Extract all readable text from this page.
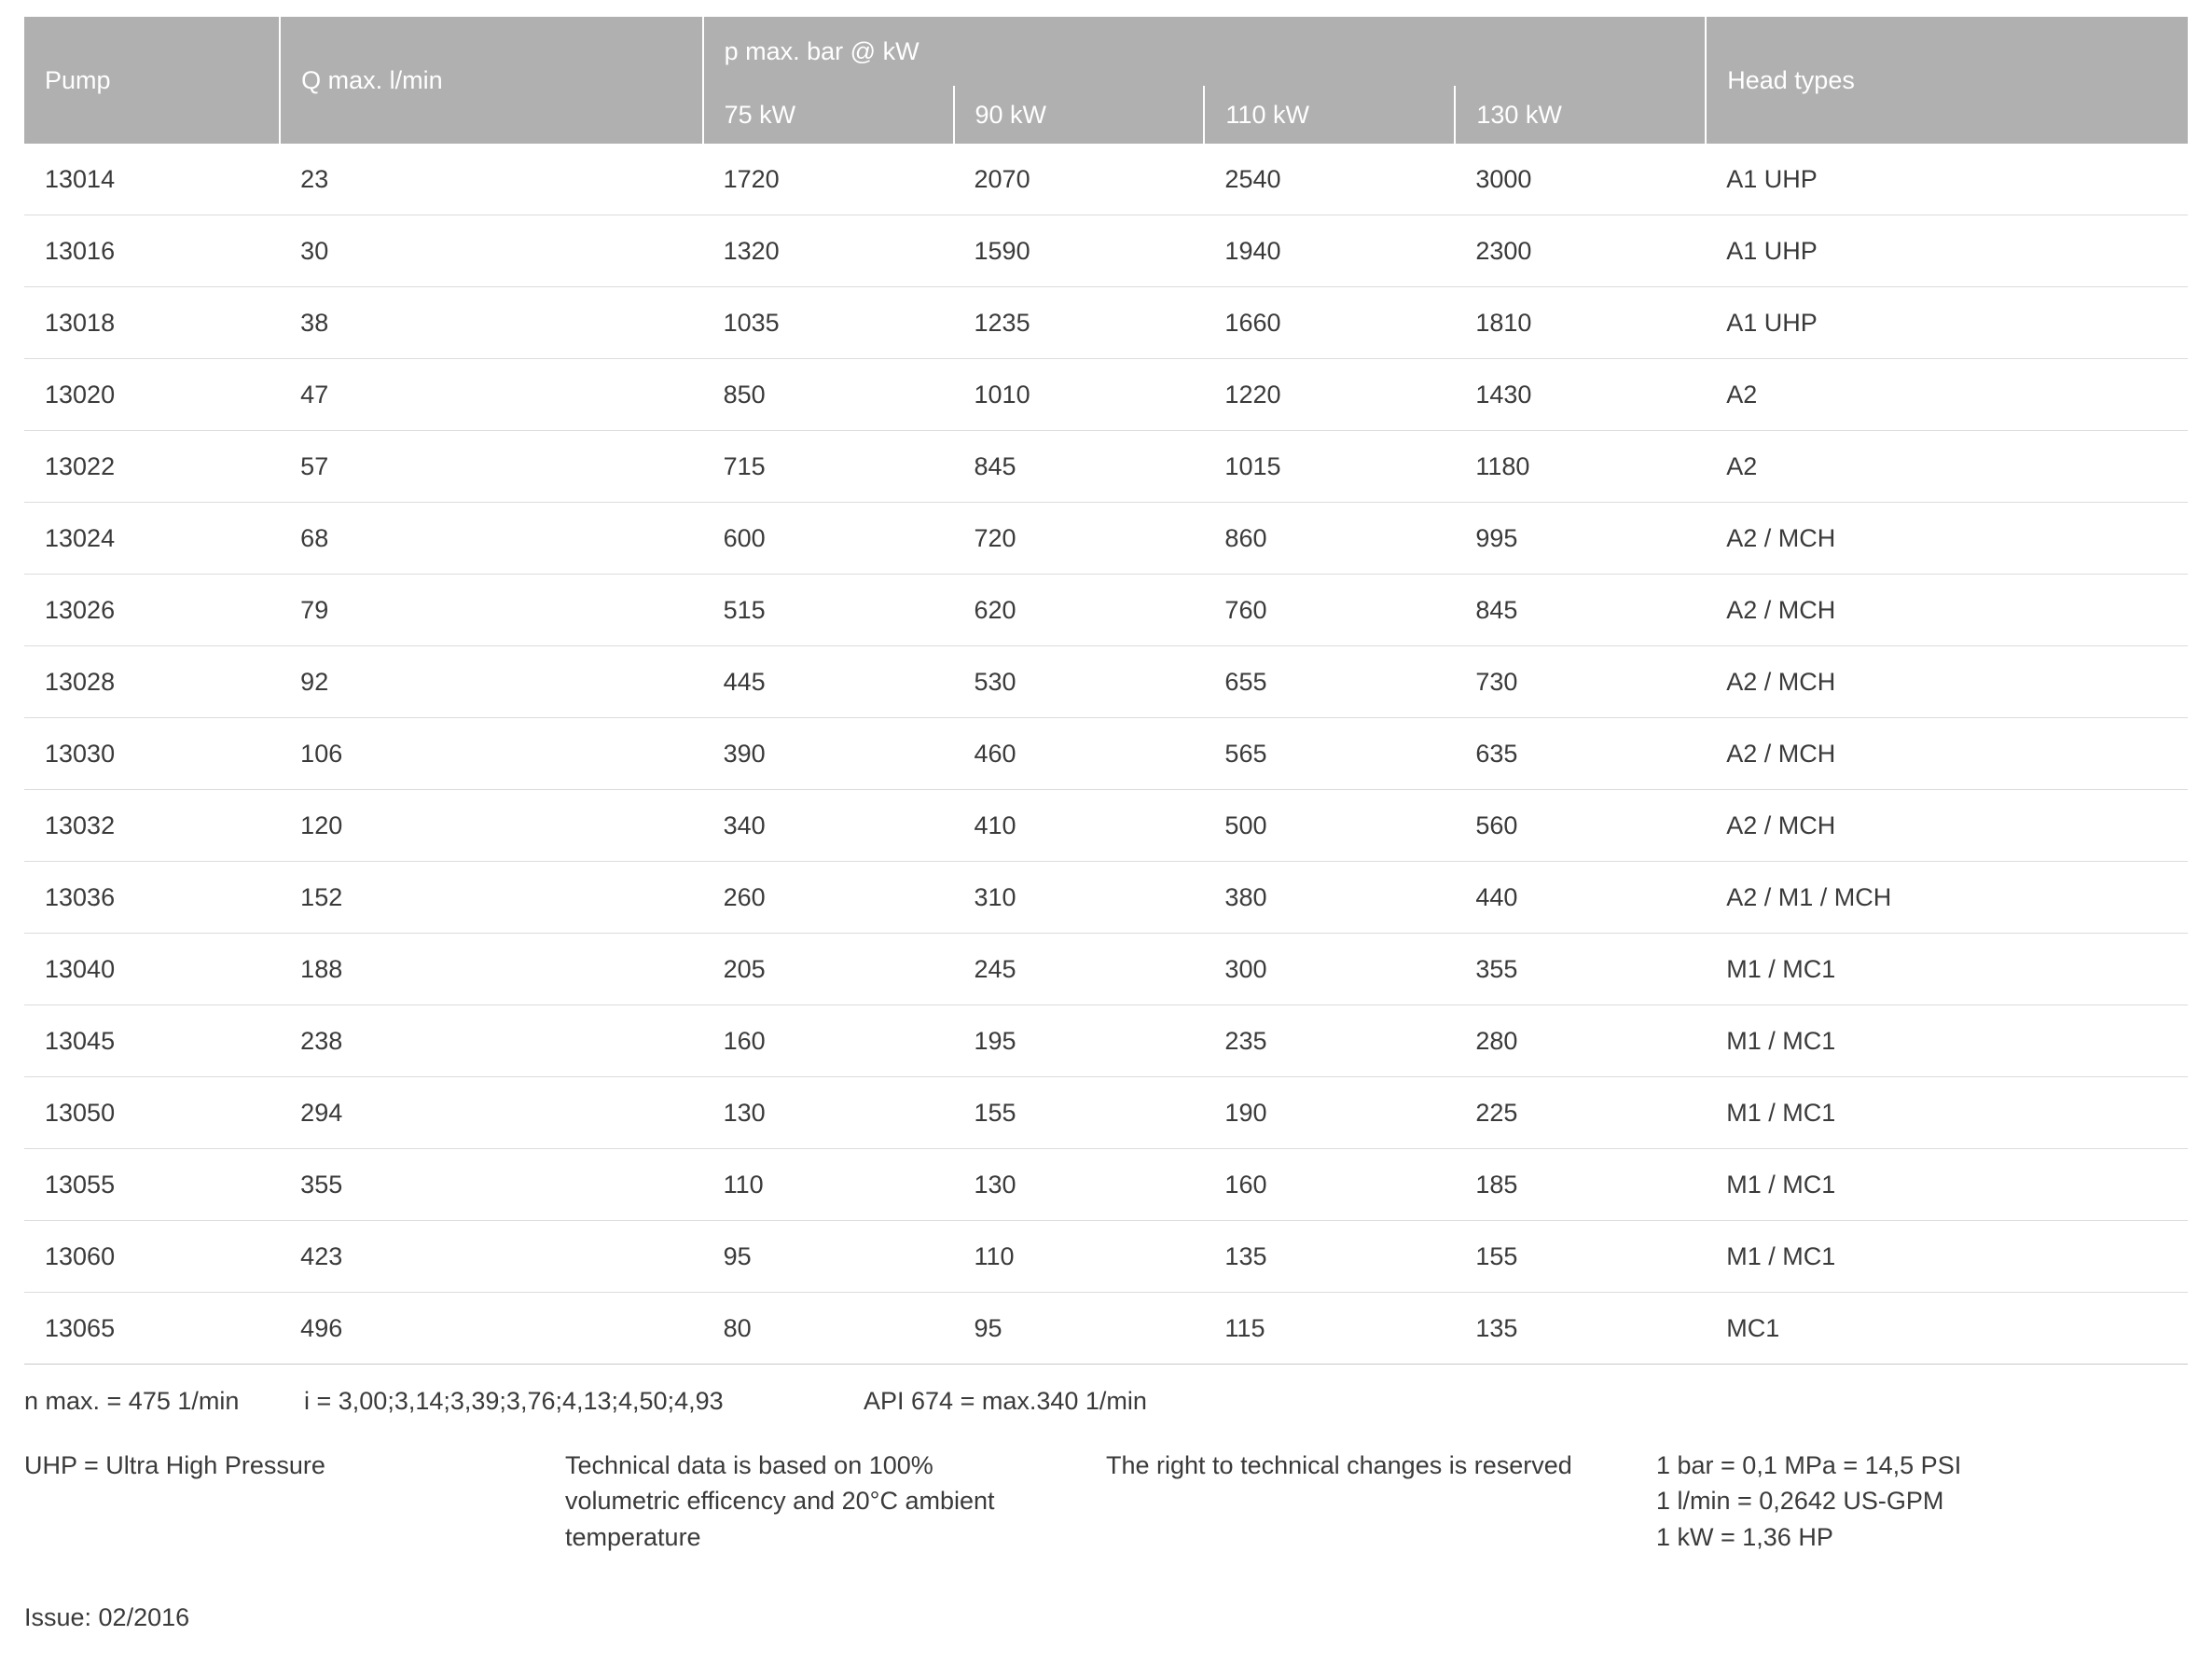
Pump	Q max. l/min	p max. bar @ kW				Head types
		75 kW	90 kW	110 kW	130 kW	
13014	23	1720	2070	2540	3000	A1 UHP
13016	30	1320	1590	1940	2300	A1 UHP
13018	38	1035	1235	1660	1810	A1 UHP
13020	47	850	1010	1220	1430	A2
13022	57	715	845	1015	1180	A2
13024	68	600	720	860	995	A2 / MCH
13026	79	515	620	760	845	A2 / MCH
13028	92	445	530	655	730	A2 / MCH
13030	106	390	460	565	635	A2 / MCH
13032	120	340	410	500	560	A2 / MCH
13036	152	260	310	380	440	A2 / M1 / MCH
13040	188	205	245	300	355	M1 / MC1
13045	238	160	195	235	280	M1 / MC1
13050	294	130	155	190	225	M1 / MC1
13055	355	110	130	160	185	M1 / MC1
13060	423	95	110	135	155	M1 / MC1
13065	496	80	95	115	135	MC1
n max. = 475 1/min	i = 3,00;3,14;3,39;3,76;4,13;4,50;4,93	API 674 = max.340 1/min
UHP = Ultra High Pressure	Technical data is based on 100%
volumetric efficency and 20°C ambient
temperature
The right to technical changes is reserved	1 bar = 0,1 MPa = 14,5 PSI
1 l/min = 0,2642 US-GPM
1 kW = 1,36 HP
Issue: 02/2016
